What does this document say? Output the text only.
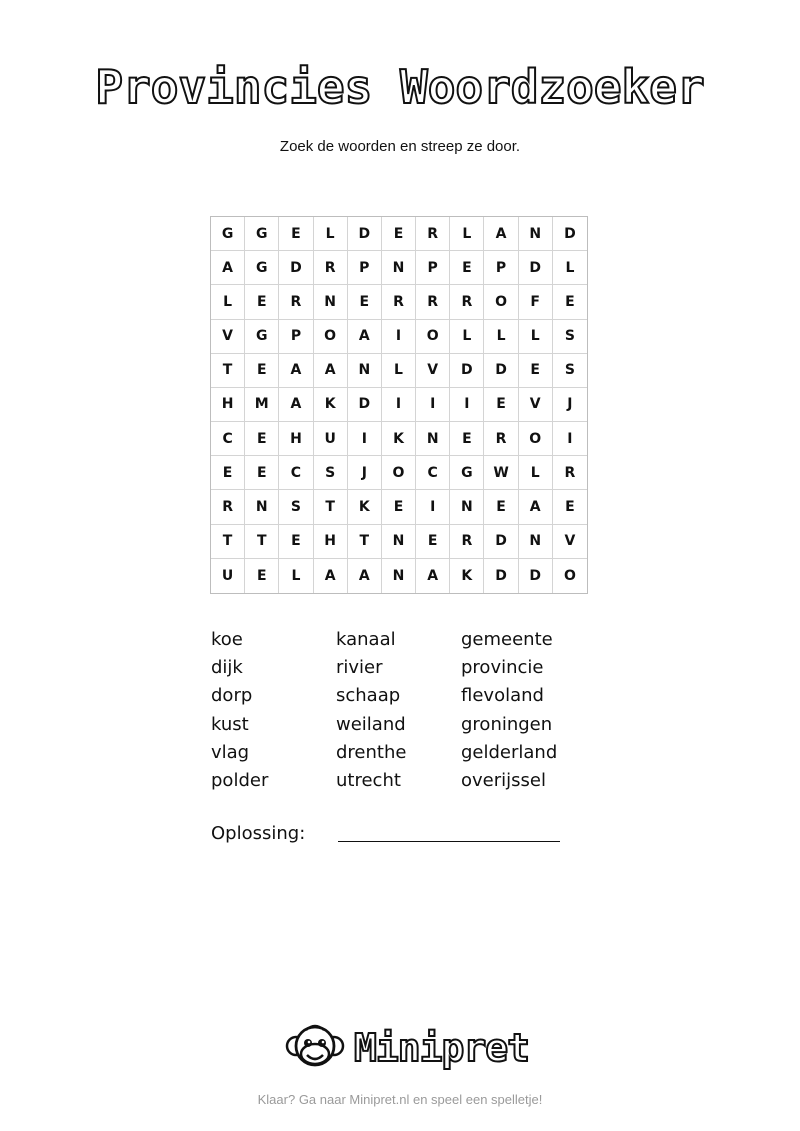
Provincies Woordzoeker
Zoek de woorden en streep ze door.
G	G	E	L	D	E	R	L	A	N	D
A	G	D	R	P	N	P	E	P	D	L
L	E	R	N	E	R	R	R	O	F	E
V	G	P	O	A	I	O	L	L	L	S
T	E	A	A	N	L	V	D	D	E	S
H	M	A	K	D	I	I	I	E	V	J
C	E	H	U	I	K	N	E	R	O	I
E	E	C	S	J	O	C	G	W	L	R
R	N	S	T	K	E	I	N	E	A	E
T	T	E	H	T	N	E	R	D	N	V
U	E	L	A	A	N	A	K	D	D	O
koe	kanaal	gemeente
dijk	rivier	provincie
dorp	schaap	flevoland
kust	weiland	groningen
vlag	drenthe	gelderland
polder	utrecht	overijssel
Oplossing:
Minipret
Klaar? Ga naar Minipret.nl en speel een spelletje!
